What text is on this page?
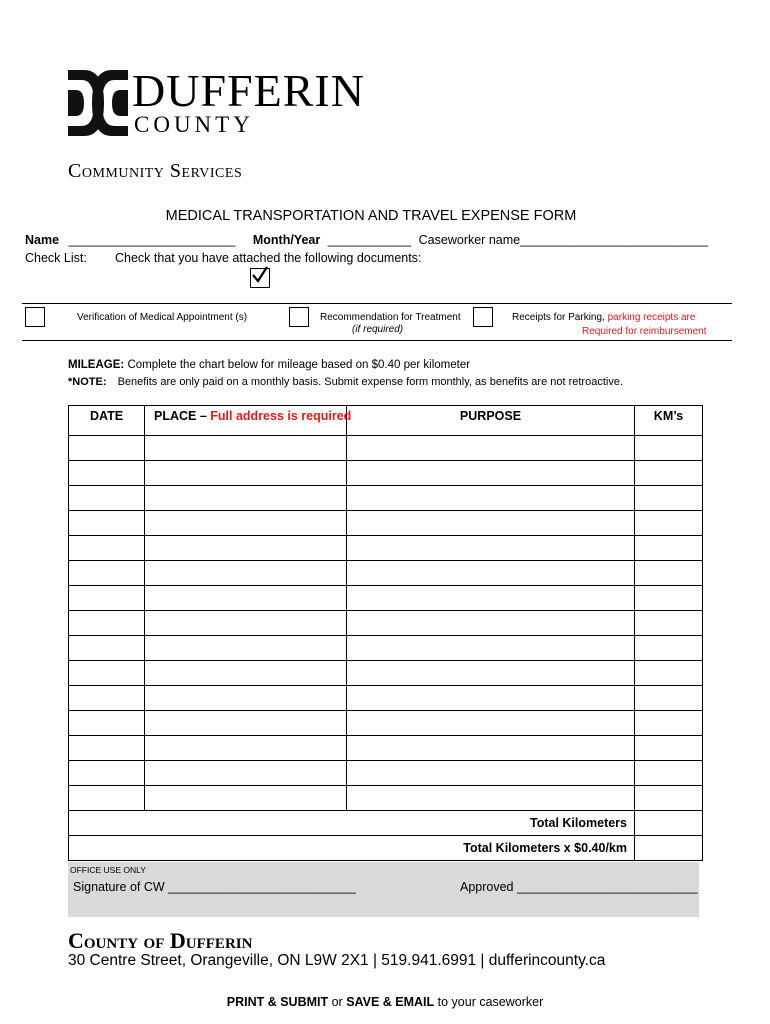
DUFFERIN
COUNTY
Community Services
MEDICAL TRANSPORTATION AND TRAVEL EXPENSE FORM
Name ________________________ Month/Year ____________ Caseworker name___________________________
Check List: Check that you have attached the following documents:
Verification of Medical Appointment (s)	Recommendation for Treatment
(if required)
Receipts for Parking, parking receipts are
Required for reimbursement
MILEAGE: Complete the chart below for mileage based on $0.40 per kilometer
*NOTE: Benefits are only paid on a monthly basis. Submit expense form monthly, as benefits are not retroactive.
DATE	PLACE – Full address is required	PURPOSE	KM’s

Total Kilometers			
Total Kilometers x $0.40/km			
OFFICE USE ONLY
Signature of CW ___________________________	Approved __________________________
County of Dufferin
30 Centre Street, Orangeville, ON L9W 2X1 | 519.941.6991 | duffe​rincounty.ca
PRINT & SUBMIT or SAVE & EMAIL to your caseworker
